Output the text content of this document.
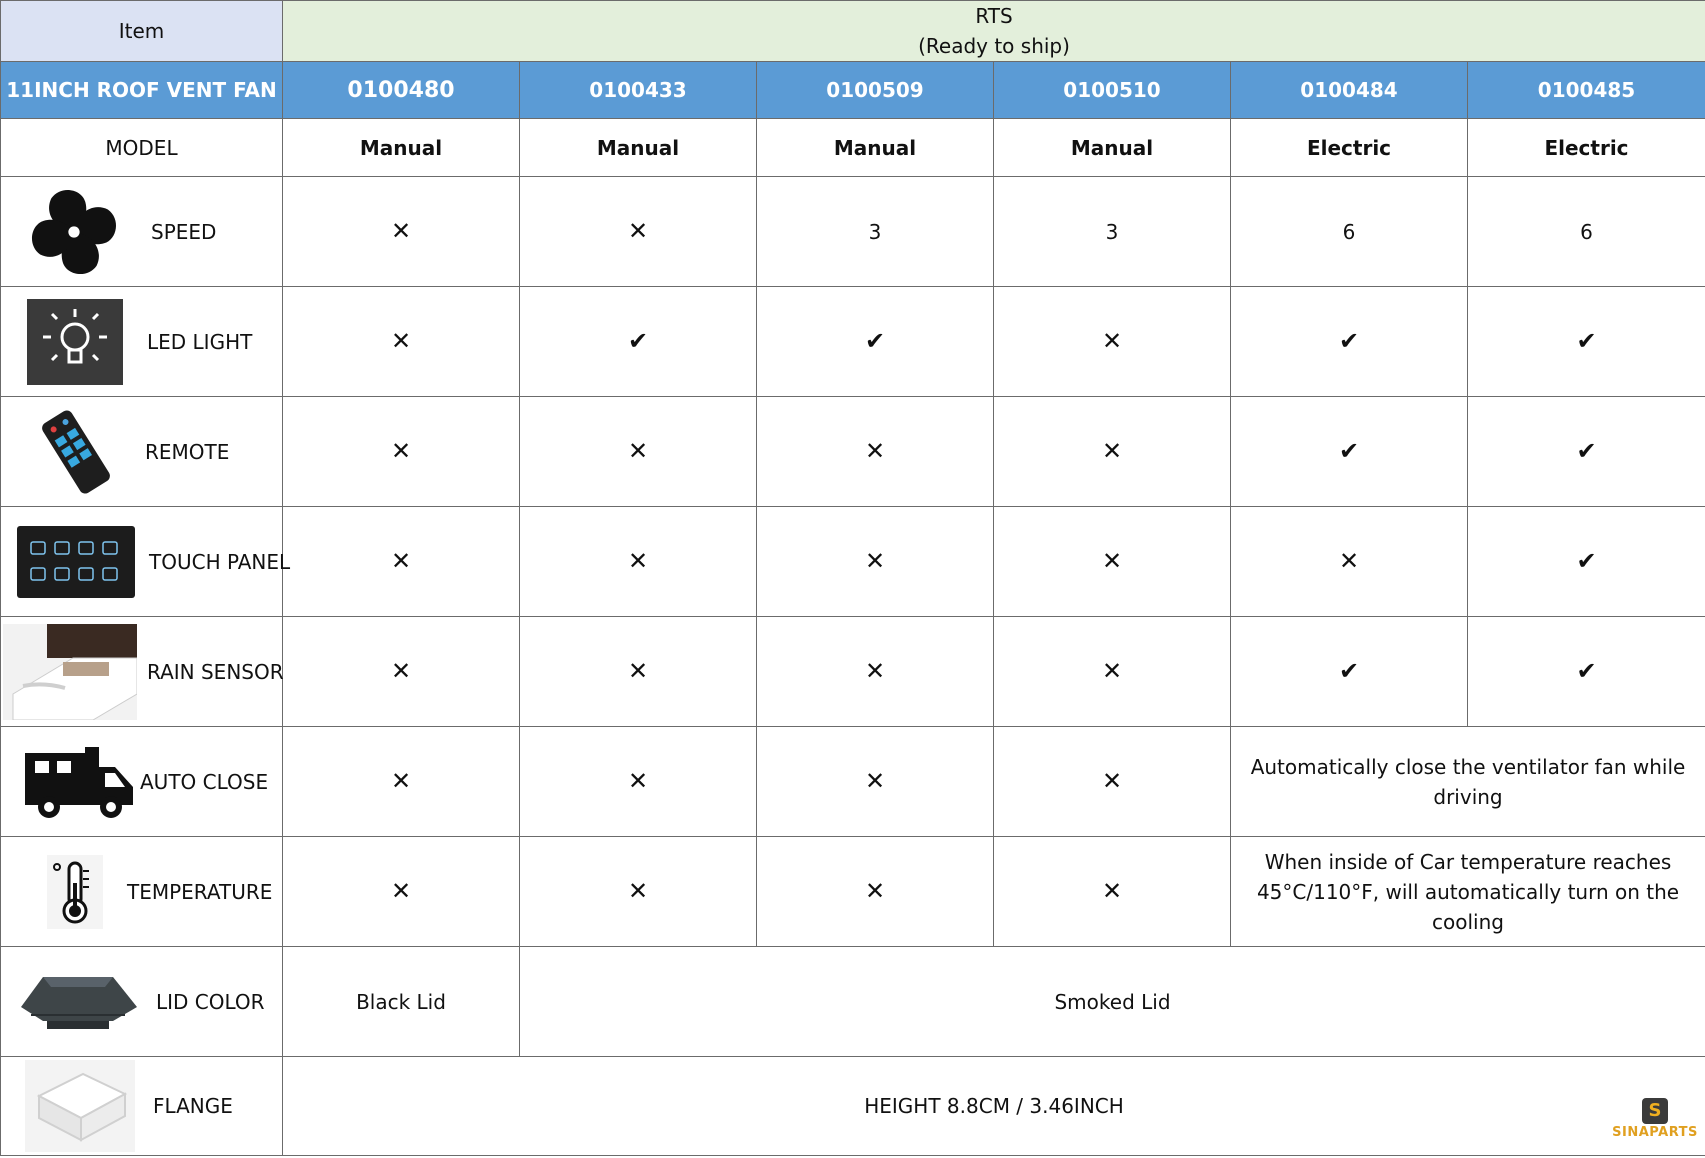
Item	RTS
(Ready to ship)					

11INCH ROOF VENT FAN	0100480	0100433	0100509	0100510	0100484	0100485
MODEL	Manual	Manual	Manual	Manual	Electric	Electric

SPEED	✕	✕	3	3	6	6

LED LIGHT	✕	✔	✔	✕	✔	✔

REMOTE	✕	✕	✕	✕	✔	✔

TOUCH PANEL	✕	✕	✕	✕	✕	✔

RAIN SENSOR	✕	✕	✕	✕	✔	✔

AUTO CLOSE	✕	✕	✕	✕	Automatically close the ventilator fan while
driving	

TEMPERATURE	✕	✕	✕	✕	When inside of Car temperature reaches
45°C/110°F, will automatically turn on the cooling	

LID COLOR	Black Lid	Smoked Lid				

FLANGE	HEIGHT 8.8CM / 3.46INCH						S
SINAPARTS
